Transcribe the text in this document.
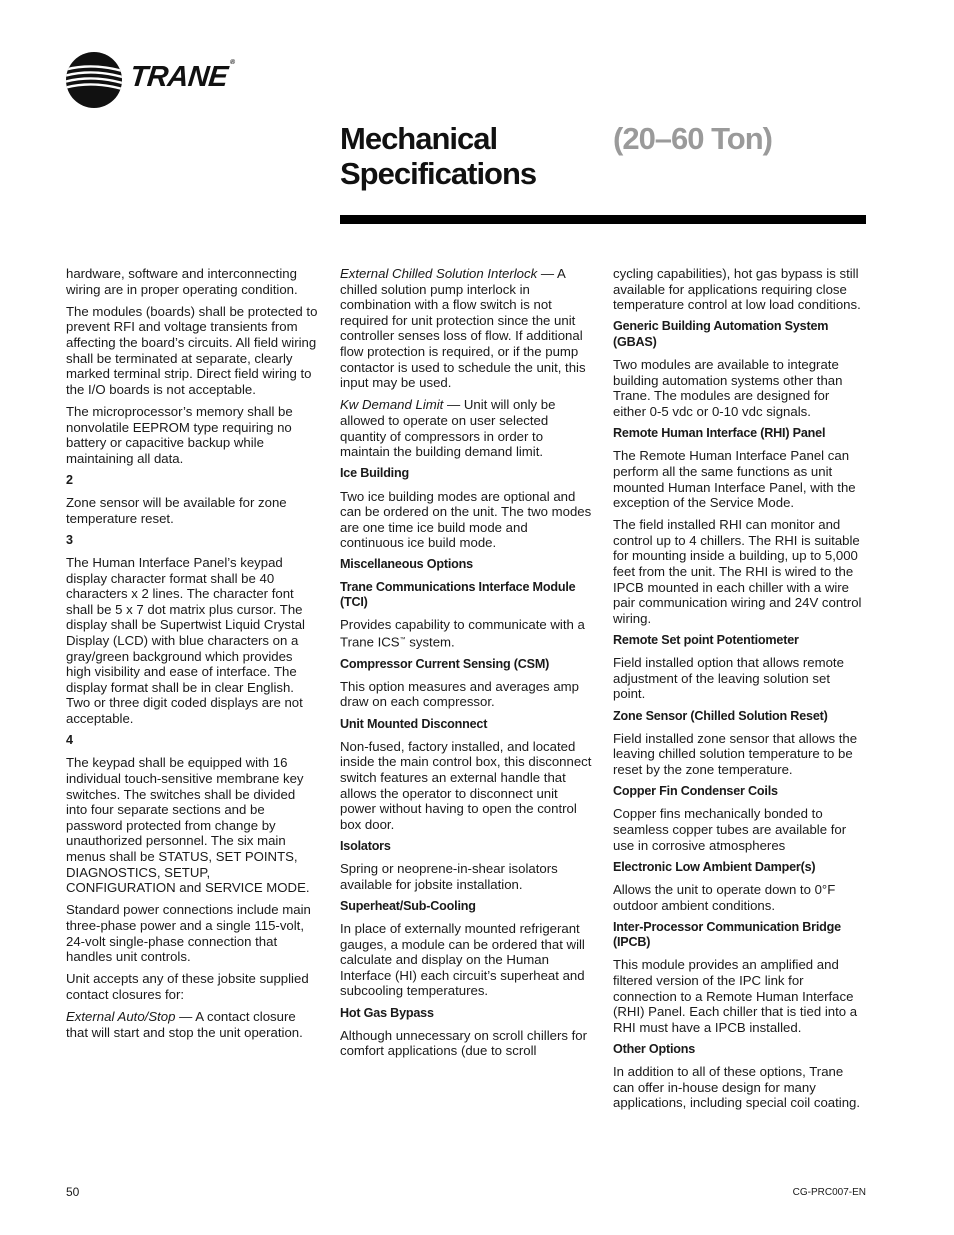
TRANE®
Mechanical
Specifications
(20–60 Ton)

hardware, software and interconnecting wiring are in proper operating condition.

The modules (boards) shall be protected to prevent RFI and voltage transients from affecting the board’s circuits. All field wiring shall be terminated at separate, clearly marked terminal strip. Direct field wiring to the I/O boards is not acceptable.

The microprocessor’s memory shall be nonvolatile EEPROM type requiring no battery or capacitive backup while maintaining all data.

2

Zone sensor will be available for zone temperature reset.

3

The Human Interface Panel’s keypad display character format shall be 40 characters x 2 lines. The character font shall be 5 x 7 dot matrix plus cursor. The display shall be Supertwist Liquid Crystal Display (LCD) with blue characters on a gray/green background which provides high visibility and ease of interface. The display format shall be in clear English. Two or three digit coded displays are not acceptable.

4

The keypad shall be equipped with 16 individual touch-sensitive membrane key switches. The switches shall be divided into four separate sections and be password protected from change by unauthorized personnel. The six main menus shall be STATUS, SET POINTS, DIAGNOSTICS, SETUP, CONFIGURATION and SERVICE MODE.

Standard power connections include main three-phase power and a single 115-volt, 24-volt single-phase connection that handles unit controls.

Unit accepts any of these jobsite supplied contact closures for:

External Auto/Stop — A contact closure that will start and stop the unit operation.

External Chilled Solution Interlock — A chilled solution pump interlock in combination with a flow switch is not required for unit protection since the unit controller senses loss of flow. If additional flow protection is required, or if the pump contactor is used to schedule the unit, this input may be used.

Kw Demand Limit — Unit will only be allowed to operate on user selected quantity of compressors in order to maintain the building demand limit.

Ice Building

Two ice building modes are optional and can be ordered on the unit. The two modes are one time ice build mode and continuous ice build mode.

Miscellaneous Options
Trane Communications Interface Module (TCI)

Provides capability to communicate with a Trane ICS™ system.

Compressor Current Sensing (CSM)

This option measures and averages amp draw on each compressor.

Unit Mounted Disconnect

Non-fused, factory installed, and located inside the main control box, this disconnect switch features an external handle that allows the operator to disconnect unit power without having to open the control box door.

Isolators

Spring or neoprene-in-shear isolators available for jobsite installation.

Superheat/Sub-Cooling

In place of externally mounted refrigerant gauges, a module can be ordered that will calculate and display on the Human Interface (HI) each circuit’s superheat and subcooling temperatures.

Hot Gas Bypass

Although unnecessary on scroll chillers for comfort applications (due to scroll

cycling capabilities), hot gas bypass is still available for applications requiring close temperature control at low load conditions.

Generic Building Automation System (GBAS)

Two modules are available to integrate building automation systems other than Trane. The modules are designed for either 0-5 vdc or 0-10 vdc signals.

Remote Human Interface (RHI) Panel

The Remote Human Interface Panel can perform all the same functions as unit mounted Human Interface Panel, with the exception of the Service Mode.

The field installed RHI can monitor and control up to 4 chillers. The RHI is suitable for mounting inside a building, up to 5,000 feet from the unit. The RHI is wired to the IPCB mounted in each chiller with a wire pair communication wiring and 24V control wiring.

Remote Set point Potentiometer

Field installed option that allows remote adjustment of the leaving solution set point.

Zone Sensor (Chilled Solution Reset)

Field installed zone sensor that allows the leaving chilled solution temperature to be reset by the zone temperature.

Copper Fin Condenser Coils

Copper fins mechanically bonded to seamless copper tubes are available for use in corrosive atmospheres

Electronic Low Ambient Damper(s)

Allows the unit to operate down to 0°F outdoor ambient conditions.

Inter-Processor Communication Bridge (IPCB)

This module provides an amplified and filtered version of the IPC link for connection to a Remote Human Interface (RHI) Panel. Each chiller that is tied into a RHI must have a IPCB installed.

Other Options

In addition to all of these options, Trane can offer in-house design for many applications, including special coil coating.

50	CG-PRC007-EN
